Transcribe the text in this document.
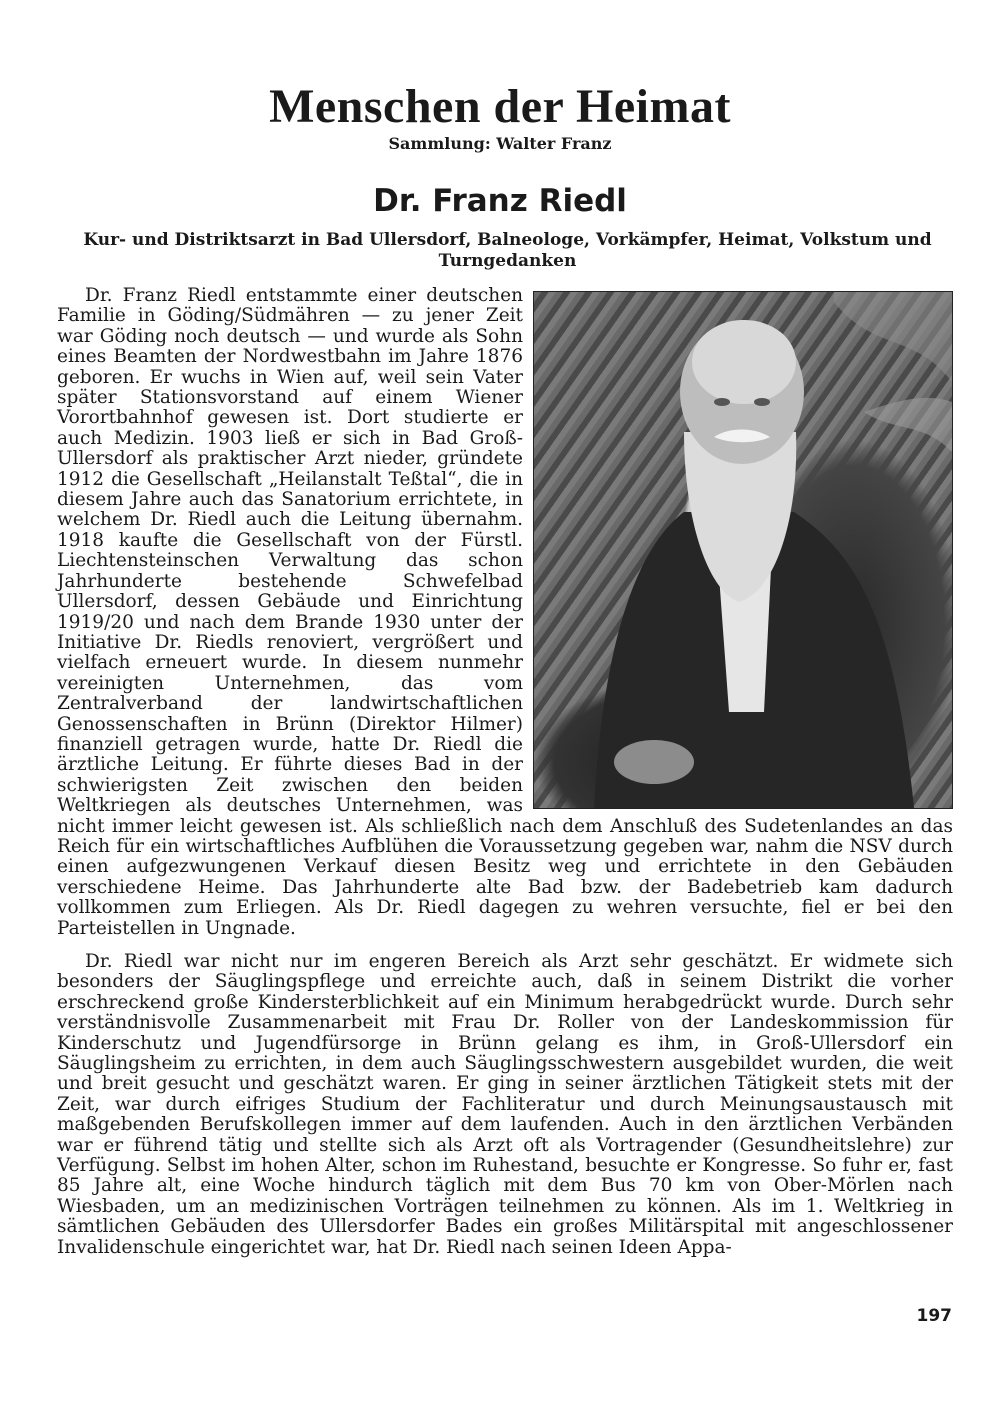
Menschen der Heimat

Sammlung: Walter Franz

Dr. Franz Riedl

Kur- und Distriktsarzt in Bad Ullersdorf, Balneologe, Vorkämpfer, Heimat, Volkstum und Turngedanken

Dr. Franz Riedl entstammte einer deutschen Familie in Göding/Südmähren — zu jener Zeit war Göding noch deutsch — und wurde als Sohn eines Beamten der Nordwestbahn im Jahre 1876 geboren. Er wuchs in Wien auf, weil sein Vater später Stationsvorstand auf einem Wiener Vorortbahnhof gewesen ist. Dort studierte er auch Medizin. 1903 ließ er sich in Bad Groß-Ullersdorf als praktischer Arzt nieder, gründete 1912 die Gesellschaft „Heilanstalt Teßtal“, die in diesem Jahre auch das Sanatorium errichtete, in welchem Dr. Riedl auch die Leitung übernahm. 1918 kaufte die Gesellschaft von der Fürstl. Liechtensteinschen Verwaltung das schon Jahrhunderte bestehende Schwefelbad Ullersdorf, dessen Gebäude und Einrichtung 1919/20 und nach dem Brande 1930 unter der Initiative Dr. Riedls renoviert, vergrößert und vielfach erneuert wurde. In diesem nunmehr vereinigten Unternehmen, das vom Zentralverband der landwirtschaftlichen Genossenschaften in Brünn (Direktor Hilmer) finanziell getragen wurde, hatte Dr. Riedl die ärztliche Leitung. Er führte dieses Bad in der schwierigsten Zeit zwischen den beiden Weltkriegen als deutsches Unternehmen, was nicht immer leicht gewesen ist. Als schließlich nach dem Anschluß des Sudetenlandes an das Reich für ein wirtschaftliches Aufblühen die Voraussetzung gegeben war, nahm die NSV durch einen aufgezwungenen Verkauf diesen Besitz weg und errichtete in den Gebäuden verschiedene Heime. Das Jahrhunderte alte Bad bzw. der Badebetrieb kam dadurch vollkommen zum Erliegen. Als Dr. Riedl dagegen zu wehren versuchte, fiel er bei den Parteistellen in Ungnade.

Dr. Riedl war nicht nur im engeren Bereich als Arzt sehr geschätzt. Er widmete sich besonders der Säuglingspflege und erreichte auch, daß in seinem Distrikt die vorher erschreckend große Kindersterblichkeit auf ein Minimum herabgedrückt wurde. Durch sehr verständnisvolle Zusammenarbeit mit Frau Dr. Roller von der Landeskommission für Kinderschutz und Jugendfürsorge in Brünn gelang es ihm, in Groß-Ullersdorf ein Säuglingsheim zu errichten, in dem auch Säuglingsschwestern ausgebildet wurden, die weit und breit gesucht und geschätzt waren. Er ging in seiner ärztlichen Tätigkeit stets mit der Zeit, war durch eifriges Studium der Fachliteratur und durch Meinungsaustausch mit maßgebenden Berufskollegen immer auf dem laufenden. Auch in den ärztlichen Verbänden war er führend tätig und stellte sich als Arzt oft als Vortragender (Gesundheitslehre) zur Verfügung. Selbst im hohen Alter, schon im Ruhestand, besuchte er Kongresse. So fuhr er, fast 85 Jahre alt, eine Woche hindurch täglich mit dem Bus 70 km von Ober-Mörlen nach Wiesbaden, um an medizinischen Vorträgen teilnehmen zu können. Als im 1. Weltkrieg in sämtlichen Gebäuden des Ullersdorfer Bades ein großes Militärspital mit angeschlossener Invalidenschule eingerichtet war, hat Dr. Riedl nach seinen Ideen Appa-

197
